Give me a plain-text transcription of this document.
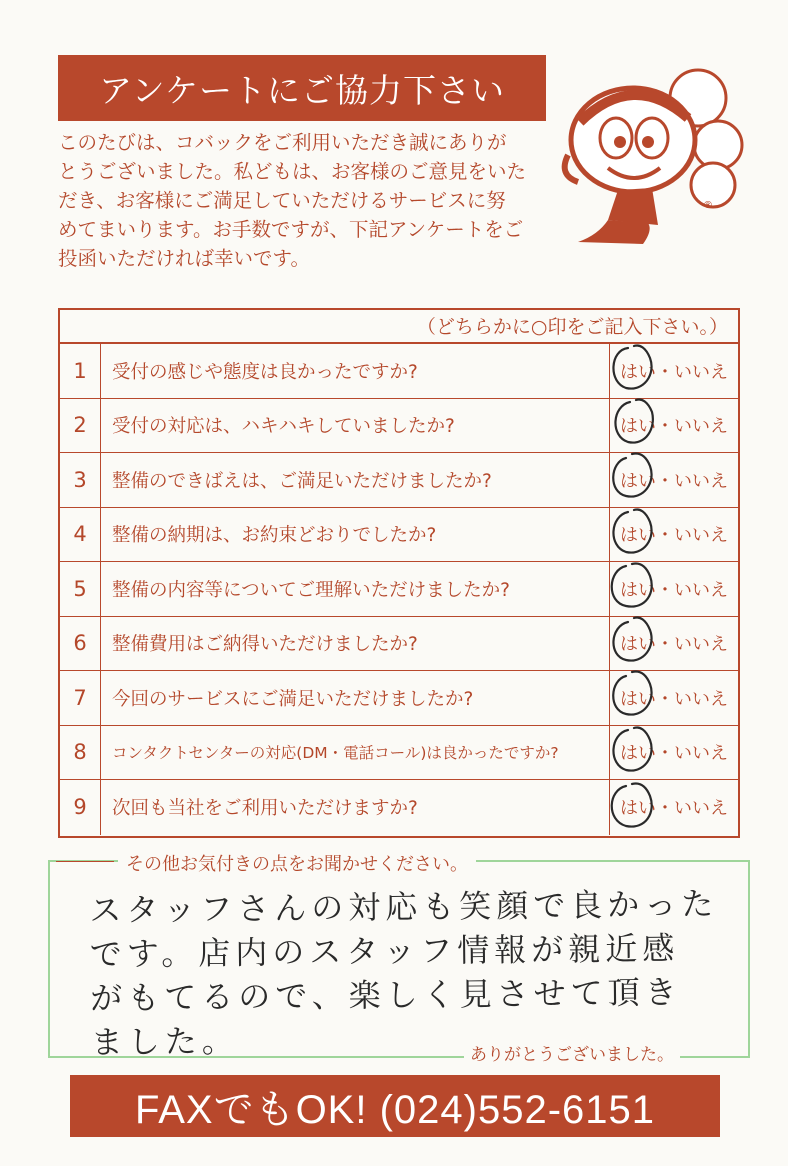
アンケートにご協力下さい
このたびは、コバックをご利用いただき誠にありが
とうございました。私どもは、お客様のご意見をいた
だき、お客様にご満足していただけるサービスに努
めてまいります。お手数ですが、下記アンケートをご
投函いただければ幸いです。
®
（どちらかに○印をご記入下さい。）
1	受付の感じや態度は良かったですか?	はい・いいえ
2	受付の対応は、ハキハキしていましたか?	はい・いいえ
3	整備のできばえは、ご満足いただけましたか?	はい・いいえ
4	整備の納期は、お約束どおりでしたか?	はい・いいえ
5	整備の内容等についてご理解いただけましたか?	はい・いいえ
6	整備費用はご納得いただけましたか?	はい・いいえ
7	今回のサービスにご満足いただけましたか?	はい・いいえ
8	コンタクトセンターの対応(DM・電話コール)は良かったですか?	はい・いいえ
9	次回も当社をご利用いただけますか?	はい・いいえ
その他お気付きの点をお聞かせください。
スタッフさんの対応も笑顔で良かった
です。店内のスタッフ情報が親近感
がもてるので、楽しく見させて頂き
ました。	ありがとうございました。
FAXでもOK! (024)552-6151
